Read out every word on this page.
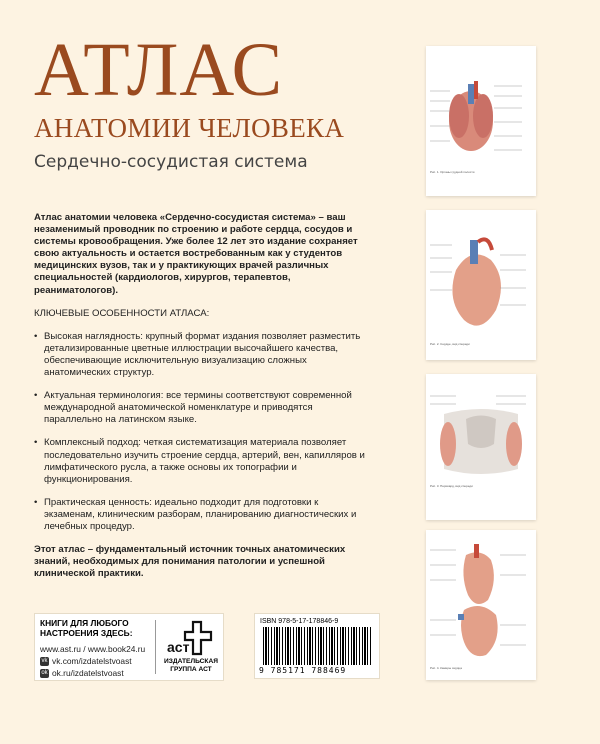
АТЛАС
АНАТОМИИ ЧЕЛОВЕКА
Сердечно-сосудистая система

Атлас анатомии человека «Сердечно-сосудистая система» – ваш незаменимый проводник по строению и работе сердца, сосудов и системы кровообращения. Уже более 12 лет это издание сохраняет свою актуальность и остается востребованным как у студентов медицинских вузов, так и у практикующих врачей различных специальностей (кардиологов, хирургов, терапевтов, реаниматологов).

КЛЮЧЕВЫЕ ОСОБЕННОСТИ АТЛАСА:

• Высокая наглядность: крупный формат издания позволяет разместить детализированные цветные иллюстрации высочайшего качества, обеспечивающие исключительную визуализацию сложных анатомических структур.

• Актуальная терминология: все термины соответствуют современной международной анатомической номенклатуре и приводятся параллельно на латинском языке.

• Комплексный подход: четкая систематизация материала позволяет последовательно изучить строение сердца, артерий, вен, капилляров и лимфатического русла, а также основы их топографии и функционирования.

• Практическая ценность: идеально подходит для подготовки к экзаменам, клиническим разборам, планированию диагностических и лечебных процедур.

Этот атлас – фундаментальный источник точных анатомических знаний, необходимых для понимания патологии и успешной клинической практики.

КНИГИ ДЛЯ ЛЮБОГО НАСТРОЕНИЯ ЗДЕСЬ:
www.ast.ru / www.book24.ru
vk vk.com/izdatelstvoast
ok ok.ru/izdatelstvoast
аст
ИЗДАТЕЛЬСКАЯ ГРУППА АСТ
ISBN 978-5-17-178846-9
9 785171 788469
Рис. 1. Органы грудной полости
Рис. 2. Сердце, вид спереди
Рис. 3. Перикард, вид спереди
Рис. 4. Камеры сердца
